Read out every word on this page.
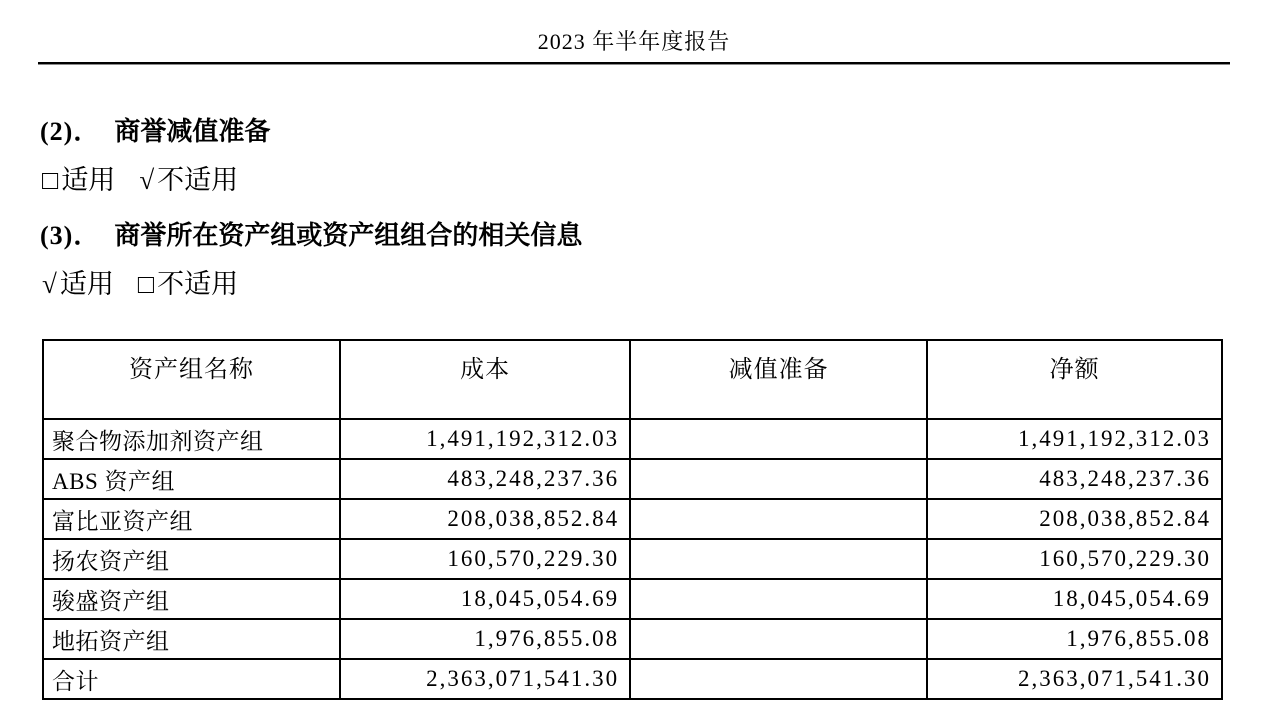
2023 年半年度报告
(2)． 商誉减值准备
□ 适用 √ 不适用
(3)． 商誉所在资产组或资产组组合的相关信息
√ 适用 □ 不适用
资产组名称	成本	减值准备	净额
聚合物添加剂资产组	1,491,192,312.03		1,491,192,312.03
ABS 资产组	483,248,237.36		483,248,237.36
富比亚资产组	208,038,852.84		208,038,852.84
扬农资产组	160,570,229.30		160,570,229.30
骏盛资产组	18,045,054.69		18,045,054.69
地拓资产组	1,976,855.08		1,976,855.08
合计	2,363,071,541.30		2,363,071,541.30
